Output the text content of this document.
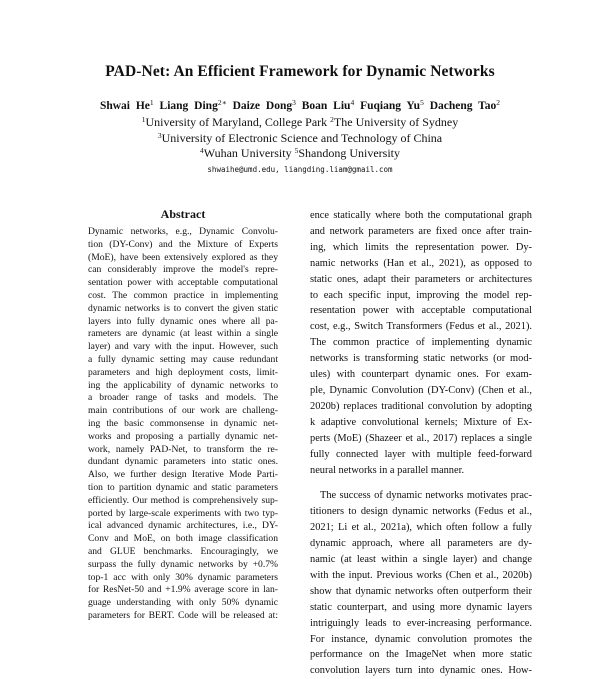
PAD-Net: An Efficient Framework for Dynamic Networks
Shwai He$^1$ Liang Ding$^{2∗}$ Daize Dong$^3$ Boan Liu$^4$ Fuqiang Yu$^5$ Dacheng Tao$^2$
$^1$University of Maryland, College Park $^2$The University of Sydney
$^3$University of Electronic Science and Technology of China
$^4$Wuhan University $^5$Shandong University
shwaihe@umd.edu, liangding.liam@gmail.com
Abstract
Dynamic networks, e.g., Dynamic Convolu-
tion (DY-Conv) and the Mixture of Experts
(MoE), have been extensively explored as they
can considerably improve the model's repre-
sentation power with acceptable computational
cost. The common practice in implementing
dynamic networks is to convert the given static
layers into fully dynamic ones where all pa-
rameters are dynamic (at least within a single
layer) and vary with the input. However, such
a fully dynamic setting may cause redundant
parameters and high deployment costs, limit-
ing the applicability of dynamic networks to
a broader range of tasks and models. The
main contributions of our work are challeng-
ing the basic commonsense in dynamic net-
works and proposing a partially dynamic net-
work, namely PAD-Net, to transform the re-
dundant dynamic parameters into static ones.
Also, we further design Iterative Mode Parti-
tion to partition dynamic and static parameters
efficiently. Our method is comprehensively sup-
ported by large-scale experiments with two typ-
ical advanced dynamic architectures, i.e., DY-
Conv and MoE, on both image classification
and GLUE benchmarks. Encouragingly, we
surpass the fully dynamic networks by +0.7%
top-1 acc with only 30% dynamic parameters
for ResNet-50 and +1.9% average score in lan-
guage understanding with only 50% dynamic
parameters for BERT. Code will be released at:
ence statically where both the computational graph
and network parameters are fixed once after train-
ing, which limits the representation power. Dy-
namic networks (Han et al., 2021), as opposed to
static ones, adapt their parameters or architectures
to each specific input, improving the model rep-
resentation power with acceptable computational
cost, e.g., Switch Transformers (Fedus et al., 2021).
The common practice of implementing dynamic
networks is transforming static networks (or mod-
ules) with counterpart dynamic ones. For exam-
ple, Dynamic Convolution (DY-Conv) (Chen et al.,
2020b) replaces traditional convolution by adopting
k adaptive convolutional kernels; Mixture of Ex-
perts (MoE) (Shazeer et al., 2017) replaces a single
fully connected layer with multiple feed-forward
neural networks in a parallel manner.
The success of dynamic networks motivates prac-
titioners to design dynamic networks (Fedus et al.,
2021; Li et al., 2021a), which often follow a fully
dynamic approach, where all parameters are dy-
namic (at least within a single layer) and change
with the input. Previous works (Chen et al., 2020b)
show that dynamic networks often outperform their
static counterpart, and using more dynamic layers
intriguingly leads to ever-increasing performance.
For instance, dynamic convolution promotes the
performance on the ImageNet when more static
convolution layers turn into dynamic ones. How-
